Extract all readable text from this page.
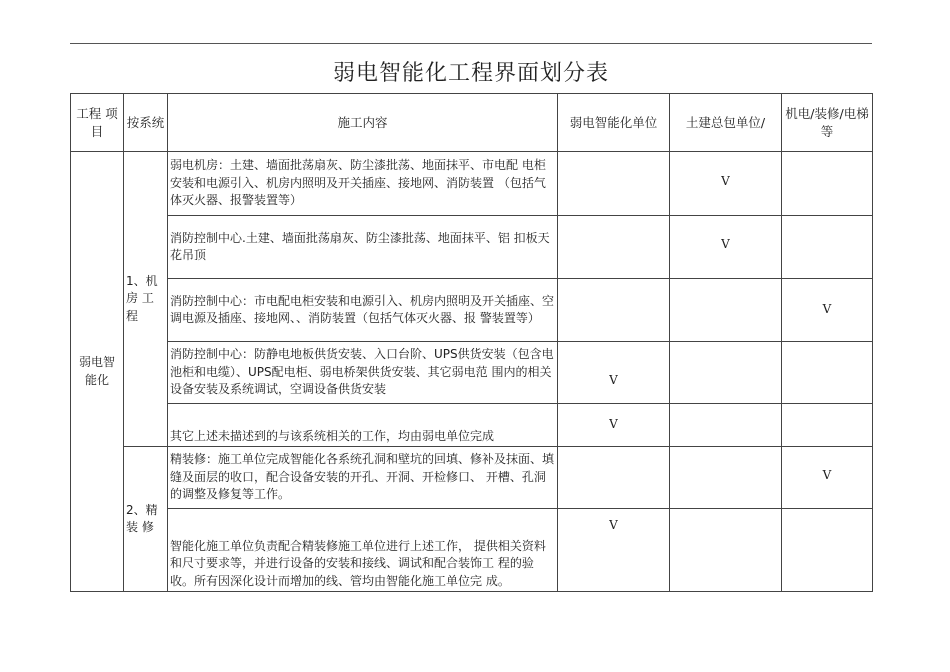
弱电智能化工程界面划分表
工程 项目	按系统	施工内容	弱电智能化单位	土建总包单位/	机电/装修/电梯等
弱电智 能化	1、机房 工程	弱电机房：土建、墙面批荡扇灰、防尘漆批荡、地面抹平、市电配 电柜安装和电源引入、机房内照明及开关插座、接地网、消防装置 （包括气体灭火器、报警装置等）		V	
		消防控制中心.土建、墙面批荡扇灰、防尘漆批荡、地面抹平、铝 扣板天花吊顶		V	
		消防控制中心：市电配电柜安装和电源引入、机房内照明及开关插座、空调电源及插座、接地网、、消防装置（包括气体灭火器、报 警装置等）			V
		消防控制中心：防静电地板供货安装、入口台阶、UPS供货安装（包含电池柜和电缆）、UPS配电柜、弱电桥架供货安装、其它弱电范 围内的相关设备安装及系统调试，空调设备供货安装	V		
		其它上述未描述到的与该系统相关的工作，均由弱电单位完成	V		
	2、精 装 修	精装修：施工单位完成智能化各系统孔洞和壁坑的回填、修补及抹面、填缝及面层的收口，配合设备安装的开孔、开洞、开检修口、 开槽、孔洞的调整及修复等工作。			V
		智能化施工单位负责配合精装修施工单位进行上述工作， 提供相关资料和尺寸要求等，并进行设备的安装和接线、调试和配合装饰工 程的验收。所有因深化设计而增加的线、管均由智能化施工单位完 成。	V		
